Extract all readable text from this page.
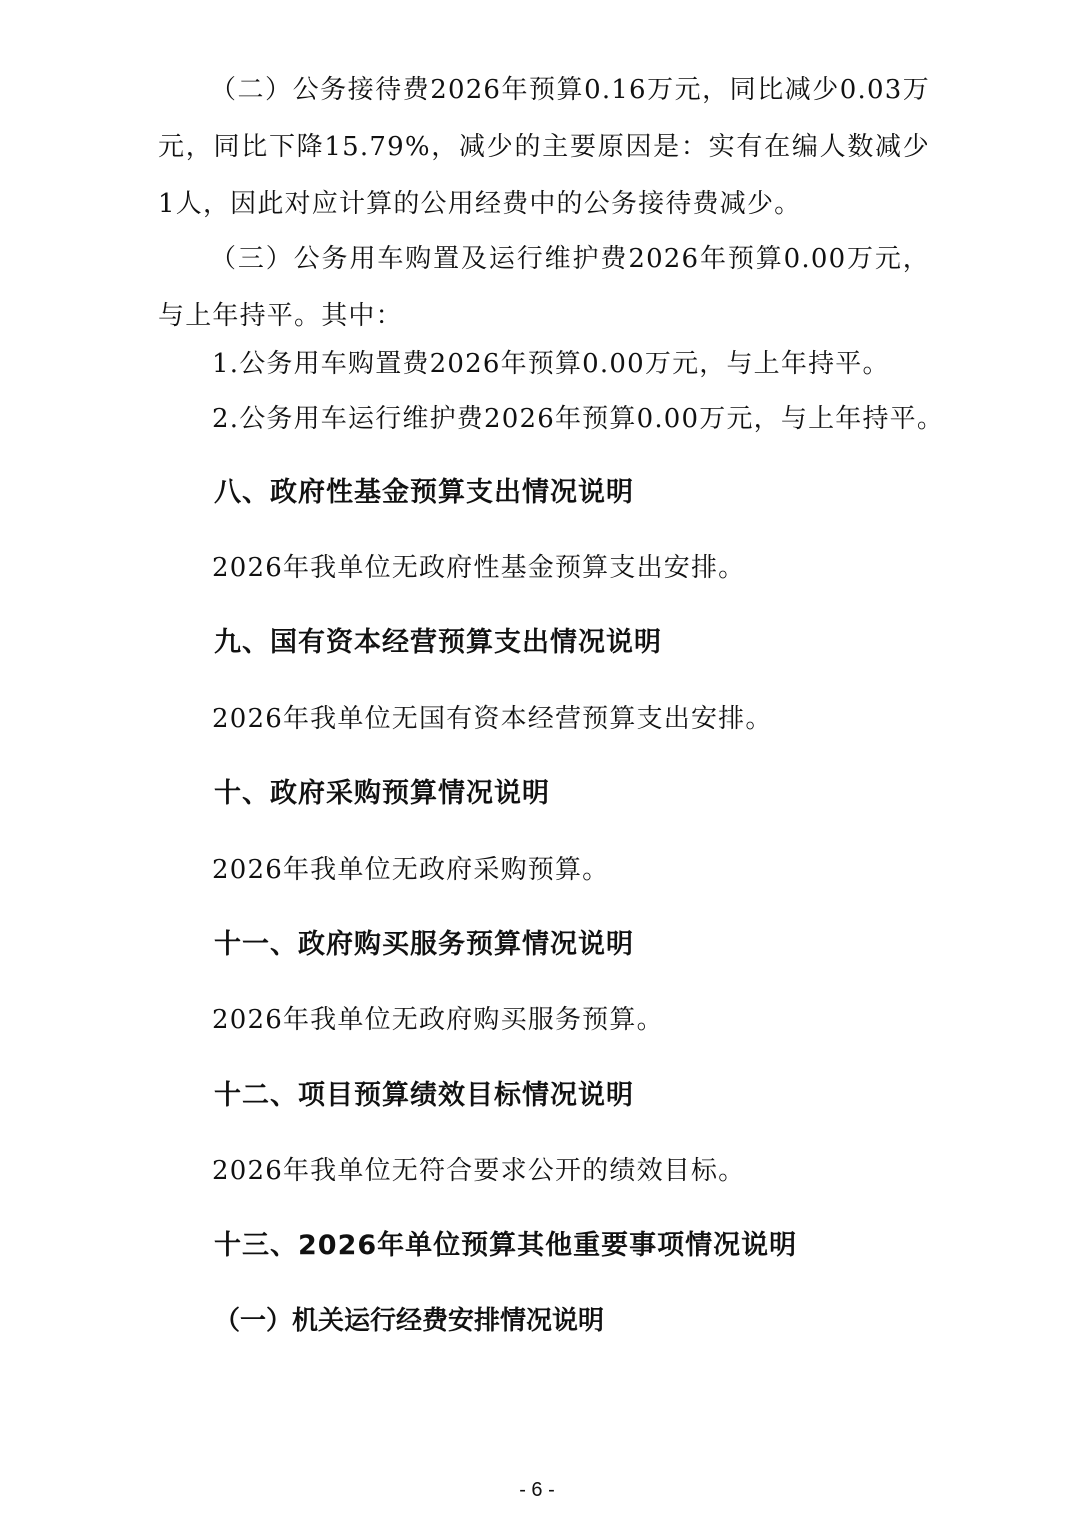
（二）公务接待费2026年预算0.16万元，同比减少0.03万元，同比下降15.79%，减少的主要原因是：实有在编人数减少1人，因此对应计算的公用经费中的公务接待费减少。

（三）公务用车购置及运行维护费2026年预算0.00万元，与上年持平。其中：

1.公务用车购置费2026年预算0.00万元，与上年持平。

2.公务用车运行维护费2026年预算0.00万元，与上年持平。

八、政府性基金预算支出情况说明

2026年我单位无政府性基金预算支出安排。

九、国有资本经营预算支出情况说明

2026年我单位无国有资本经营预算支出安排。

十、政府采购预算情况说明

2026年我单位无政府采购预算。

十一、政府购买服务预算情况说明

2026年我单位无政府购买服务预算。

十二、项目预算绩效目标情况说明

2026年我单位无符合要求公开的绩效目标。

十三、2026年单位预算其他重要事项情况说明
（一）机关运行经费安排情况说明
- 6 -
